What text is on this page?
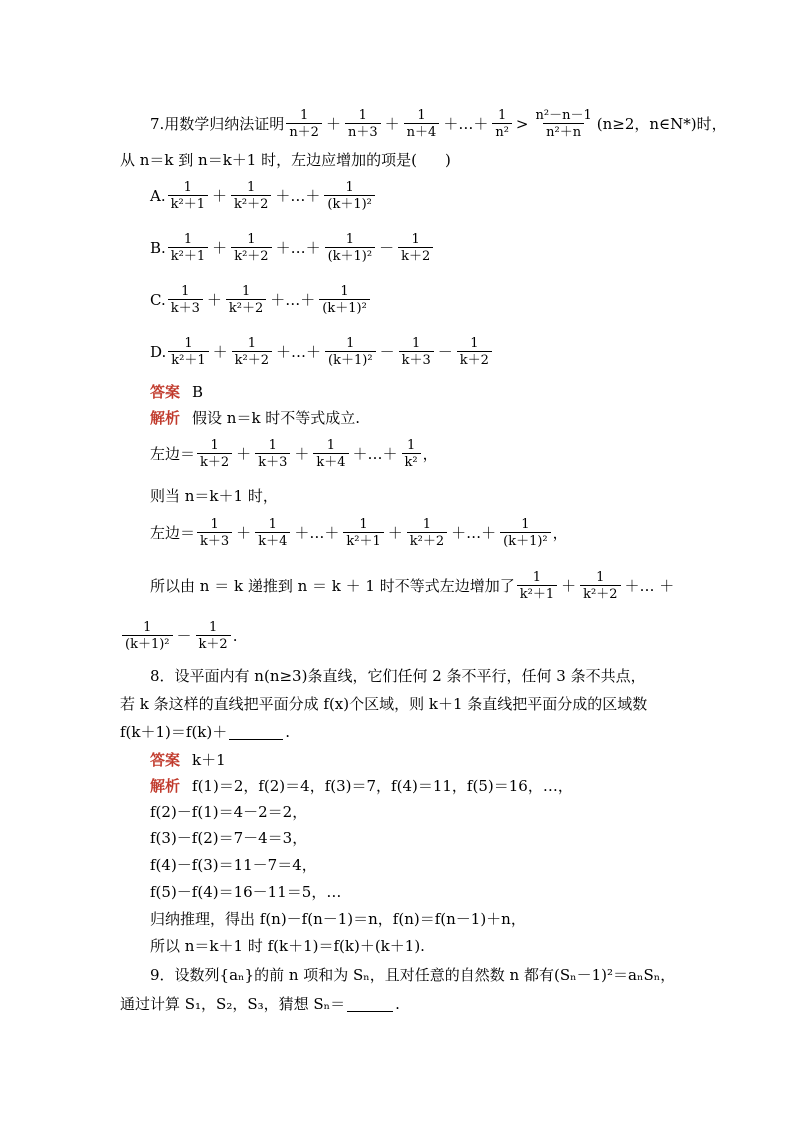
7.用数学归纳法证明 $\frac{1}{n+2} + \frac{1}{n+3} + \frac{1}{n+4}$ ＋…＋ $\frac{1}{\text{n²}} > \frac{\text{n²－n－1}}{\text{n²＋n}} (n\ge 2$，n∈N*)时，
从 n＝k 到 n＝k＋1 时，左边应增加的项是( )
A. $\frac{1}{\text{k²＋1}} + \frac{1}{\text{k²＋2}}$ ＋…＋ $\frac{1}{\text{(k＋1)²}}$
B. $\frac{1}{\text{k²＋1}} + \frac{1}{\text{k²＋2}}$ ＋…＋ $\frac{1}{\text{(k＋1)²}} - \frac{1}{k+2}$
C. $\frac{1}{k+3} + \frac{1}{\text{k²＋2}}$ ＋…＋ $\frac{1}{\text{(k＋1)²}}$
D. $\frac{1}{\text{k²＋1}} + \frac{1}{\text{k²＋2}}$ ＋…＋ $\frac{1}{\text{(k＋1)²}} - \frac{1}{k+3} - \frac{1}{k+2}$
答案 B
解析 假设 n＝k 时不等式成立.
左边＝ $\frac{1}{k+2} + \frac{1}{k+3} + \frac{1}{k+4}$ ＋…＋ $\frac{1}{\text{k²}}$ ，
则当 n＝k＋1 时，
左边＝ $\frac{1}{k+3} + \frac{1}{k+4}$ ＋…＋ $\frac{1}{\text{k²＋1}} + \frac{1}{\text{k²＋2}}$ ＋…＋ $\frac{1}{\text{(k＋1)²}}$ ，
所以由 n ＝ k 递推到 n ＝ k ＋ 1 时不等式左边增加了 $\frac{1}{\text{k²＋1}} + \frac{1}{\text{k²＋2}}$ ＋… ＋
$\frac{1}{\text{(k＋1)²}} - \frac{1}{k+2}$ .
8．设平面内有 n(n≥3)条直线，它们任何 2 条不平行，任何 3 条不共点，
若 k 条这样的直线把平面分成 f(x)个区域，则 k＋1 条直线把平面分成的区域数
f(k＋1)＝f(k)＋	.
答案 k＋1
解析 f(1)＝2，f(2)＝4，f(3)＝7，f(4)＝11，f(5)＝16，…，
f(2)－f(1)＝4－2＝2，
f(3)－f(2)＝7－4＝3，
f(4)－f(3)＝11－7＝4，
f(5)－f(4)＝16－11＝5，…
归纳推理，得出 f(n)－f(n－1)＝n，f(n)＝f(n－1)＋n，
所以 n＝k＋1 时 f(k＋1)＝f(k)＋(k＋1).
9．设数列{aₙ}的前 n 项和为 Sₙ，且对任意的自然数 n 都有(Sₙ－1)²＝aₙSₙ，
通过计算 S₁，S₂，S₃，猜想 Sₙ＝	.
